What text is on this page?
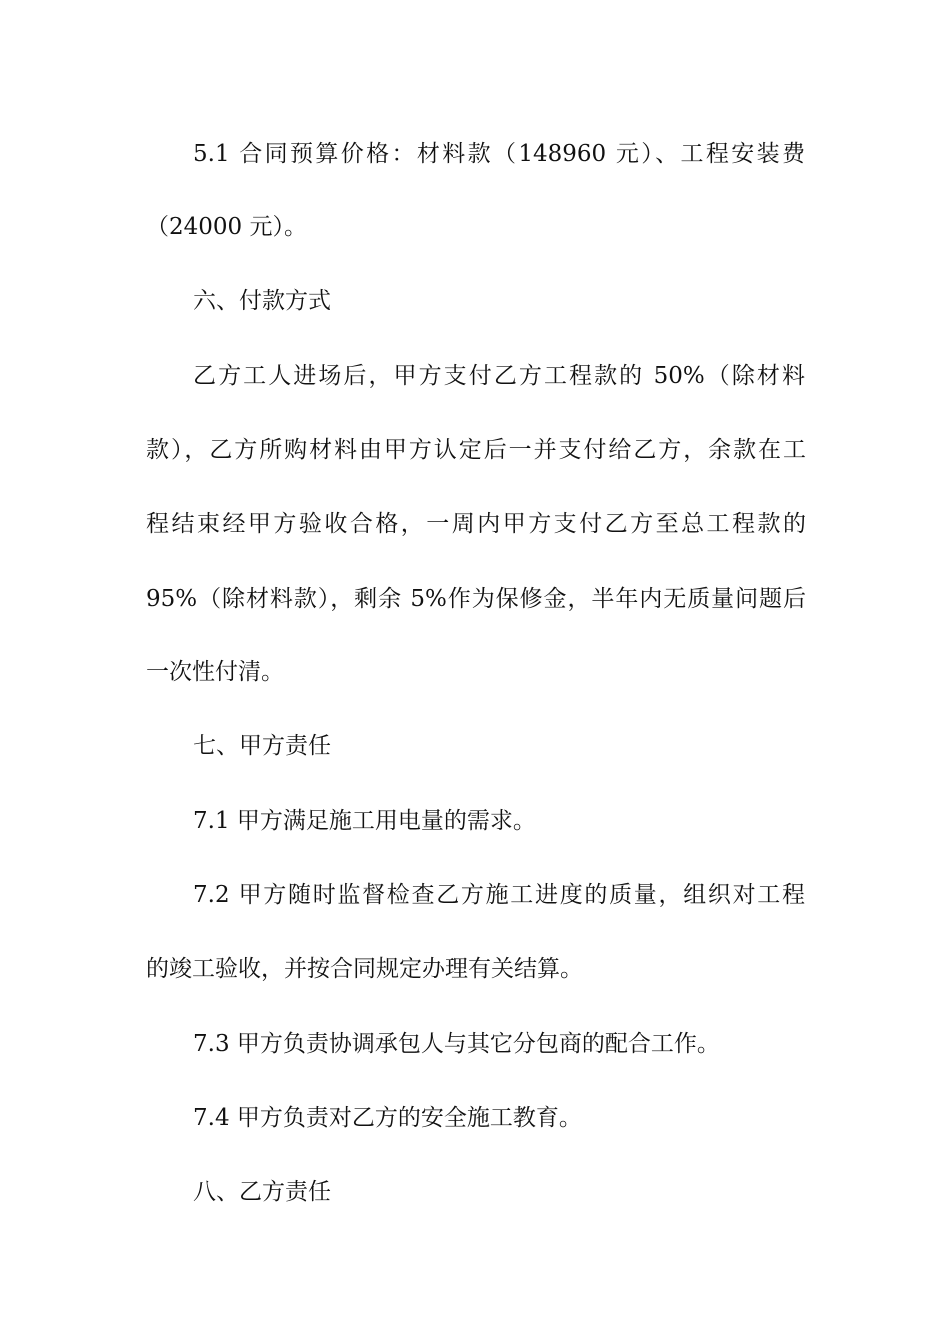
5.1 合同预算价格：材料款（148960 元）、工程安装费
（24000 元）。
六、付款方式
乙方工人进场后，甲方支付乙方工程款的 50%（除材料
款），乙方所购材料由甲方认定后一并支付给乙方，余款在工
程结束经甲方验收合格，一周内甲方支付乙方至总工程款的
95%（除材料款），剩余 5%作为保修金，半年内无质量问题后
一次性付清。
七、甲方责任
7.1 甲方满足施工用电量的需求。
7.2 甲方随时监督检查乙方施工进度的质量，组织对工程
的竣工验收，并按合同规定办理有关结算。
7.3 甲方负责协调承包人与其它分包商的配合工作。
7.4 甲方负责对乙方的安全施工教育。
八、乙方责任
